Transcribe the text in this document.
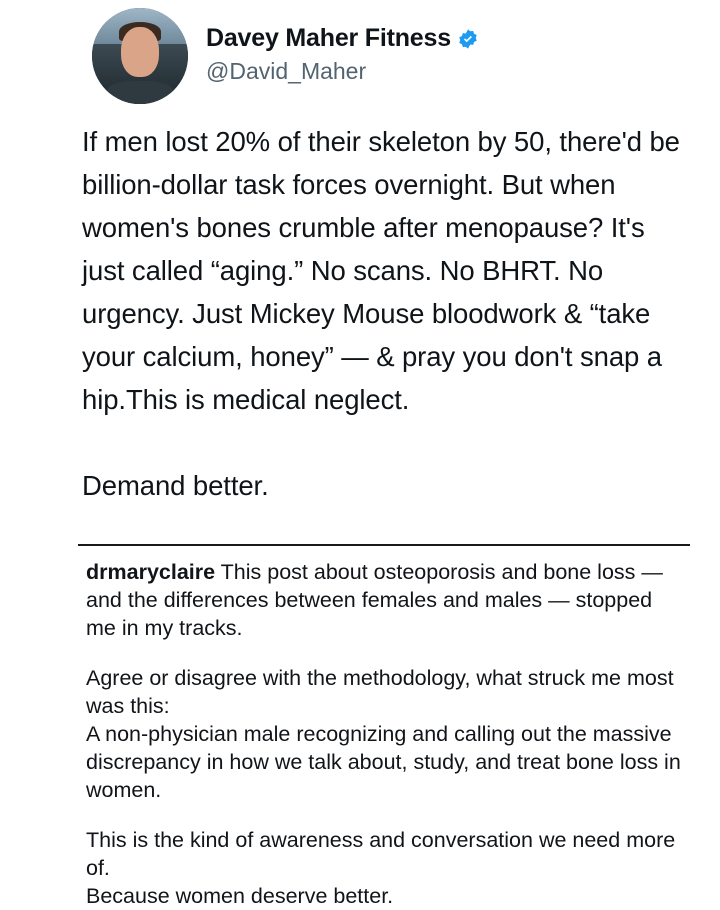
Davey Maher Fitness
@David_Maher

If men lost 20% of their skeleton by 50, there'd be billion-dollar task forces overnight. But when women's bones crumble after menopause? It's just called “aging.” No scans. No BHRT. No urgency. Just Mickey Mouse bloodwork & “take your calcium, honey” — & pray you don't snap a hip.This is medical neglect.

Demand better.

drmaryclaire This post about osteoporosis and bone loss — and the differences between females and males — stopped me in my tracks.

Agree or disagree with the methodology, what struck me most was this:

A non-physician male recognizing and calling out the massive discrepancy in how we talk about, study, and treat bone loss in women.

This is the kind of awareness and conversation we need more of.

Because women deserve better.
